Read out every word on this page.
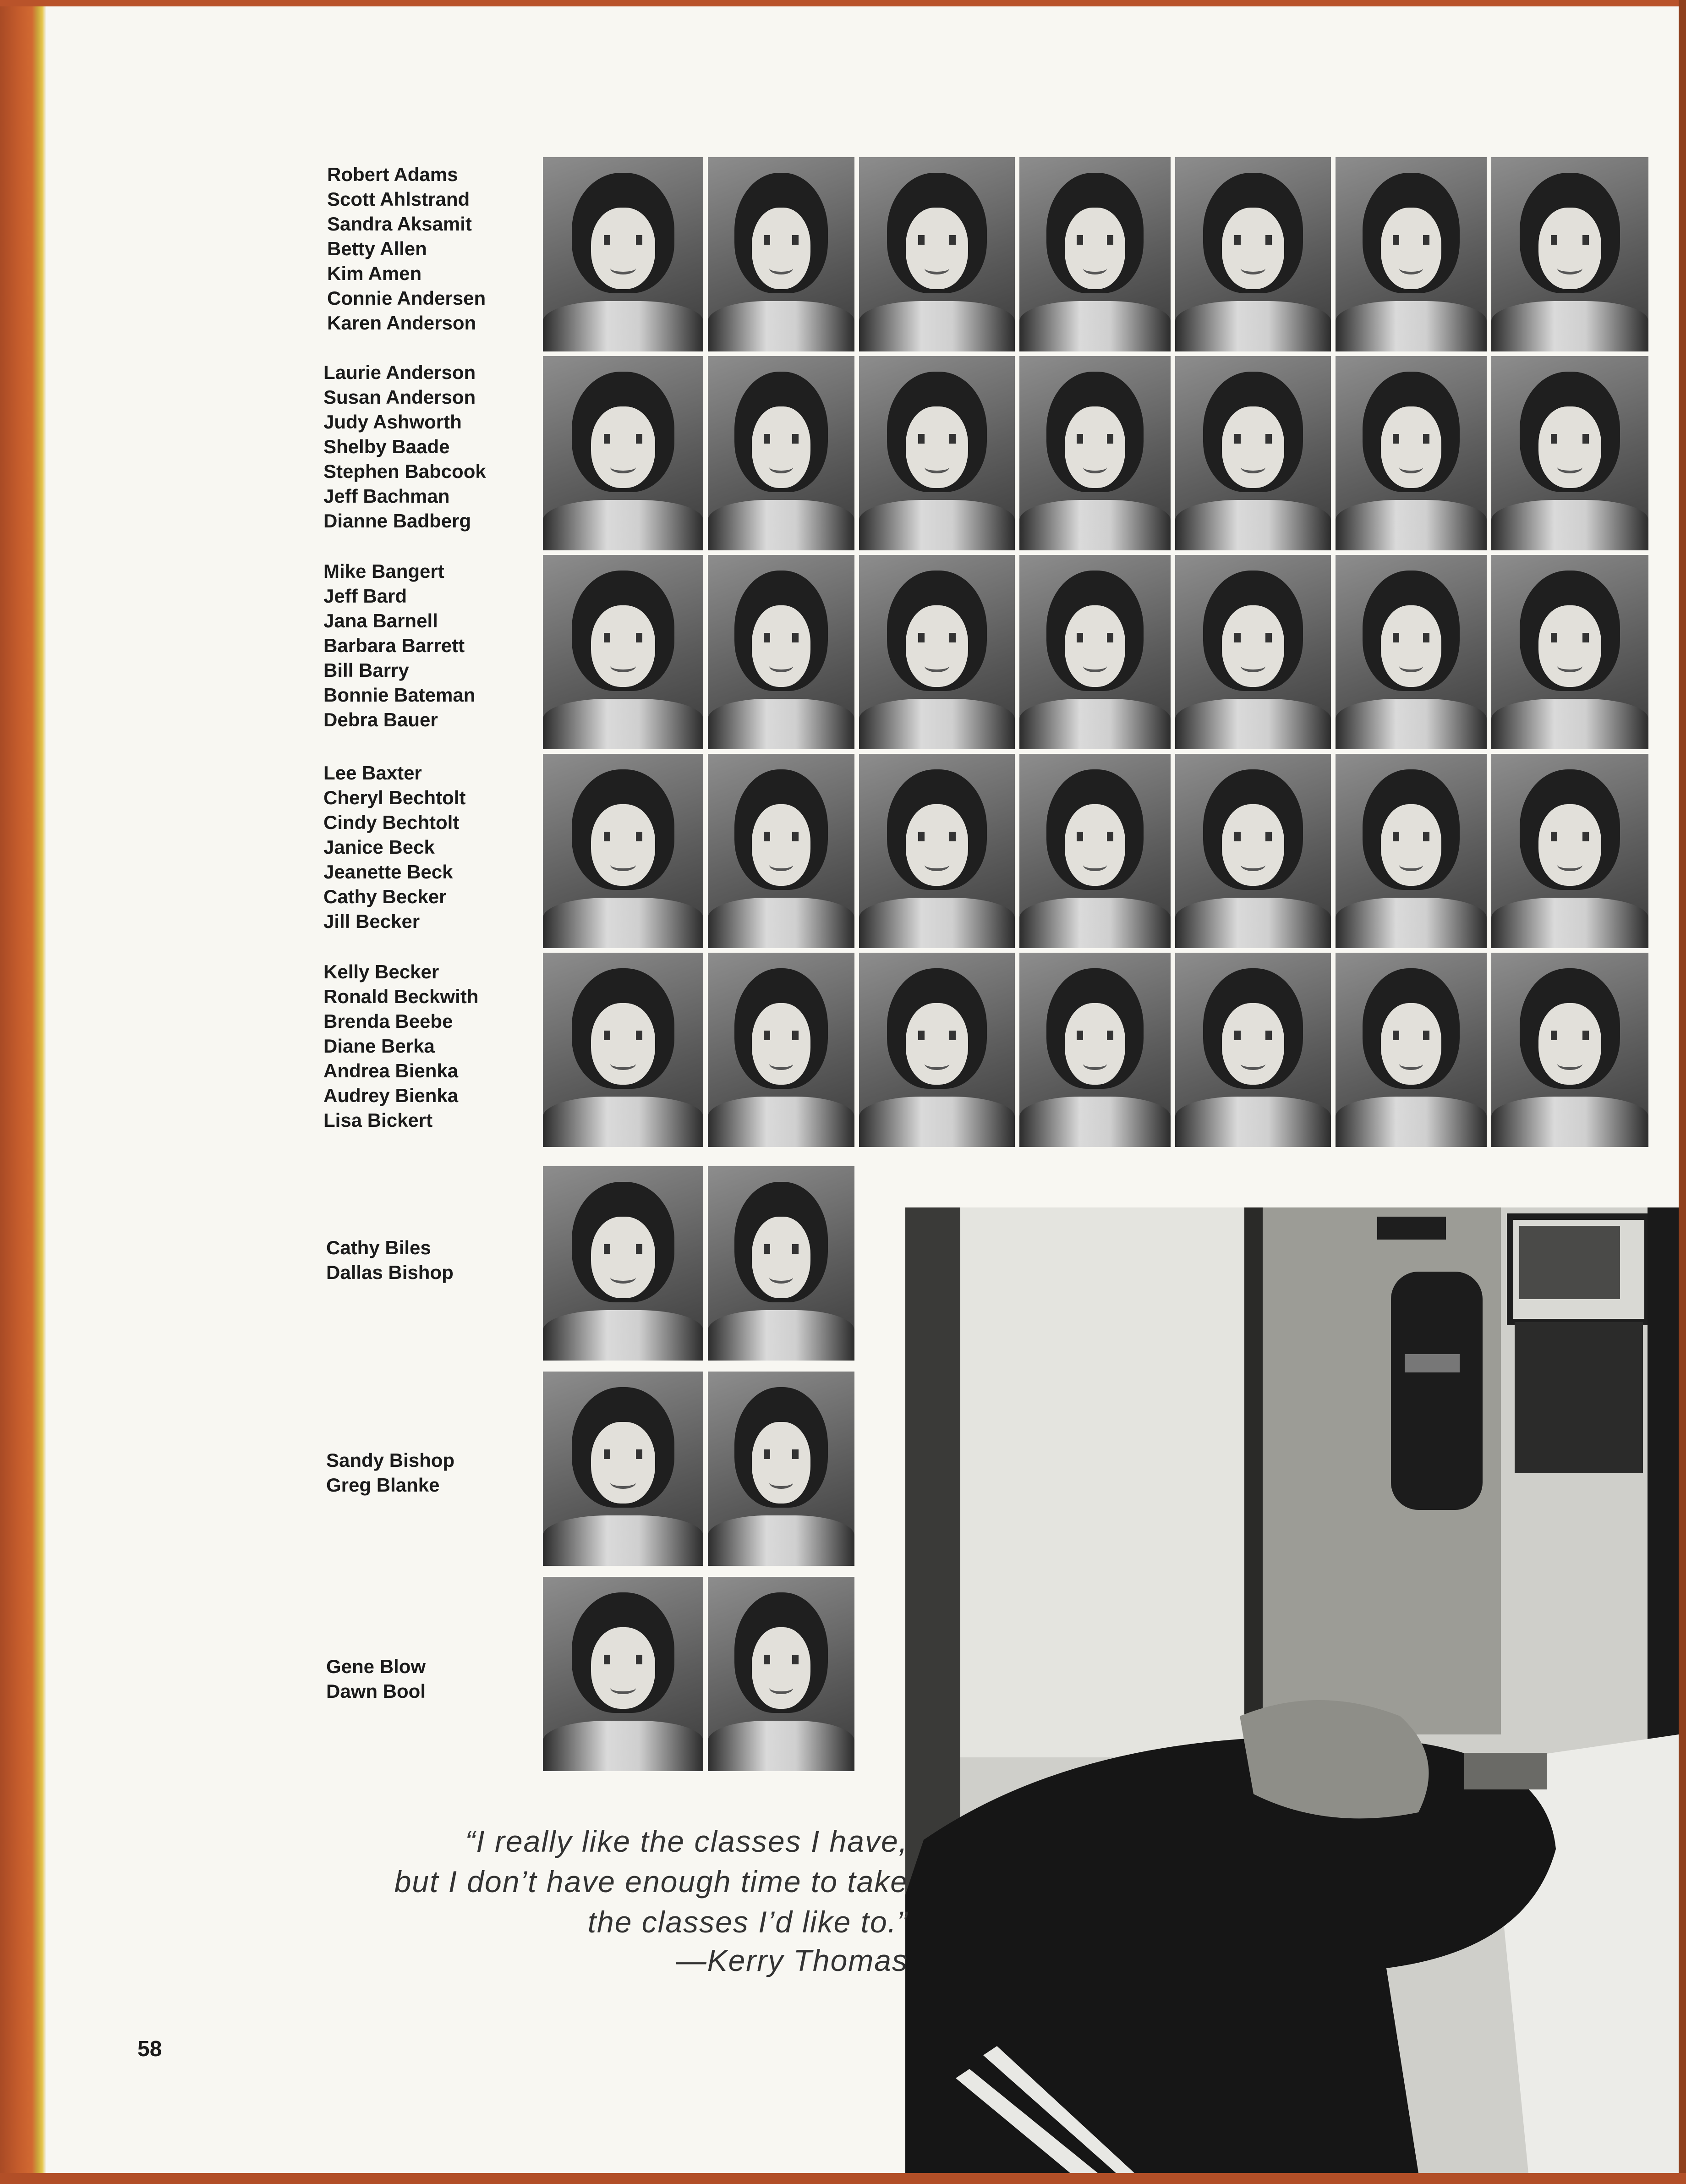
Robert Adams
Scott Ahlstrand
Sandra Aksamit
Betty Allen
Kim Amen
Connie Andersen
Karen Anderson
Laurie Anderson
Susan Anderson
Judy Ashworth
Shelby Baade
Stephen Babcook
Jeff Bachman
Dianne Badberg
Mike Bangert
Jeff Bard
Jana Barnell
Barbara Barrett
Bill Barry
Bonnie Bateman
Debra Bauer
Lee Baxter
Cheryl Bechtolt
Cindy Bechtolt
Janice Beck
Jeanette Beck
Cathy Becker
Jill Becker
Kelly Becker
Ronald Beckwith
Brenda Beebe
Diane Berka
Andrea Bienka
Audrey Bienka
Lisa Bickert
Cathy Biles
Dallas Bishop
Sandy Bishop
Greg Blanke
Gene Blow
Dawn Bool
“I really like the classes I have,
but I don’t have enough time to take
the classes I’d like to.”
—Kerry Thomas
58
